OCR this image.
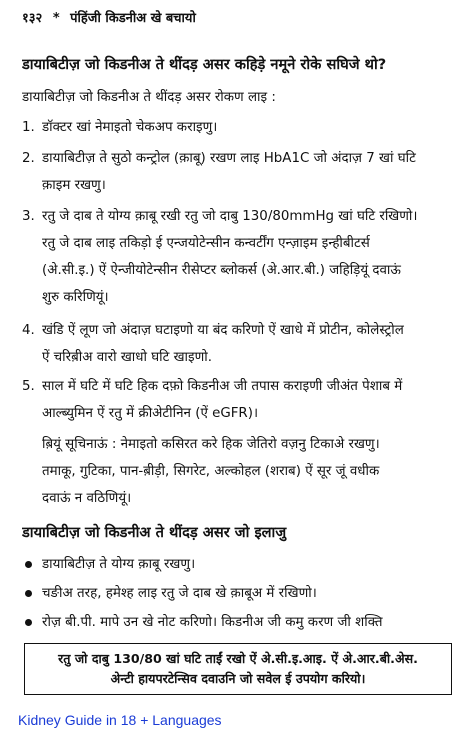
१३२ * पंहिंजी किडनीअ खे बचायो
डायाबिटीज़ जो किडनीअ ते थींदड़ असर कहिड़े नमूने रोके सघिजे थो?
डायाबिटीज़ जो किडनीअ ते थींदड़ असर रोकण लाइ :
1. डॉक्टर खां नेमाइतो चेकअप कराइणु।
2. डायाबिटीज़ ते सुठो कन्ट्रोल (क़ाबू) रखण लाइ HbA1C जो अंदाज़ 7 खां घटि
क़ाइम रखणु।
3. रतु जे दाब ते योग्य क़ाबू रखी रतु जो दाबु 130/80mmHg खां घटि रखिणो।
रतु जे दाब लाइ तकिड़ो ई एन्जयोटेन्सीन कन्वर्टींग एन्ज़ाइम इन्हीबीटर्स
(अे.सी.इ.) ऐं ऐन्जीयोटेन्सीन रीसेप्टर ब्लोकर्स (अे.आर.बी.) जहिड़ियूं दवाऊं
शुरु करिणियूं।
4. खंडि ऐं लूण जो अंदाज़ घटाइणो या बंद करिणो ऐं खाधे में प्रोटीन, कोलेस्ट्रोल
ऐं चरिब़ीअ वारो खाधो घटि खाइणो.
5. साल में घटि में घटि हिक दफ़ो किडनीअ जी तपास कराइणी जीअंत पेशाब में
आल्ब्युमिन ऐं रतु में क्रीअेटीनिन (ऐं eGFR)।
ब़ियूं सूचिनाऊं : नेमाइतो कसिरत करे हिक जेतिरो वज़नु टिकाअे रखणु।
तमाकू, गुटिका, पान-ब़ीड़ी, सिगरेट, अल्कोहल (शराब) ऐं सूर जूं वधीक
दवाऊं न वठिणियूं।
डायाबिटीज़ जो किडनीअ ते थींदड़ असर जो इलाजु
डायाबिटीज़ ते योग्य क़ाबू रखणु।
चङीअ तरह, हमेश्ह लाइ रतु जे दाब खे क़ाबूअ में रखिणो।
रोज़ बी.पी. मापे उन खे नोट करिणो। किडनीअ जी कमु करण जी शक्ति
रतु जो दाबु 130/80 खां घटि ताईं रखो ऐं अे.सी.इ.आइ. ऐं अे.आर.बी.अेस.
अेन्टी हायपरटेन्सिव दवाउनि जो सवेल ई उपयोग करियो।
Kidney Guide in 18 + Languages
